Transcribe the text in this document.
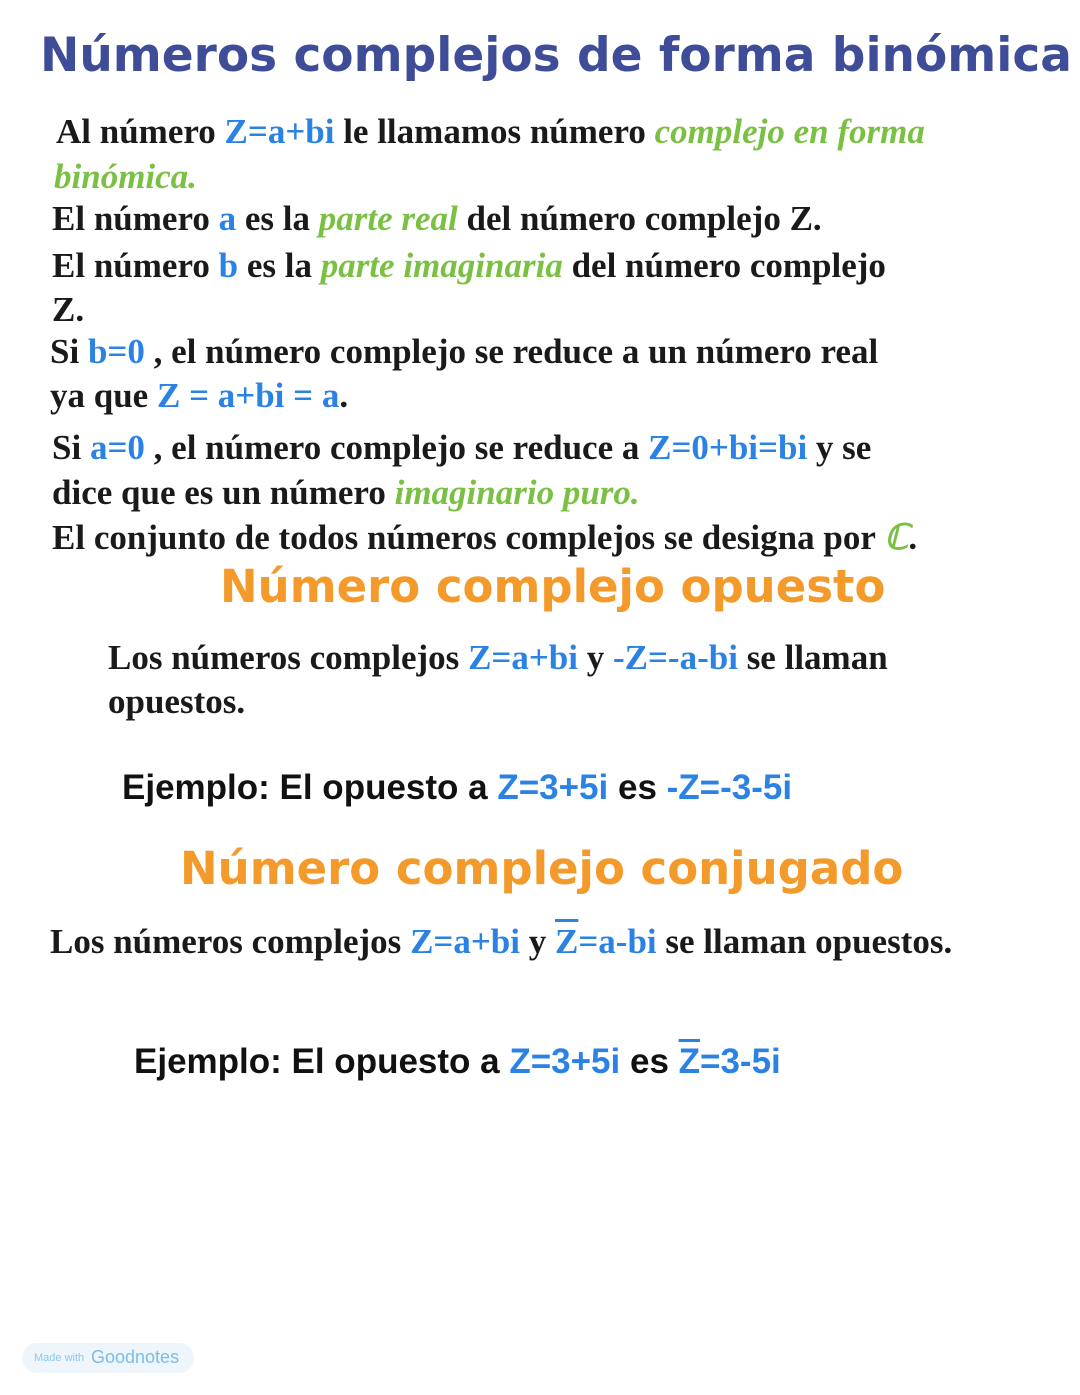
Números complejos de forma binómica
Al número Z=a+bi le llamamos número complejo en forma
binómica.
El número a es la parte real del número complejo Z.
El número b es la parte imaginaria del número complejo
Z.
Si b=0 , el número complejo se reduce a un número real
ya que Z = a+bi = a.
Si a=0 , el número complejo se reduce a Z=0+bi=bi y se
dice que es un número imaginario puro.
El conjunto de todos números complejos se designa por ℂ.
Número complejo opuesto
Los números complejos Z=a+bi y -Z=-a-bi se llaman
opuestos.
Ejemplo: El opuesto a Z=3+5i es -Z=-3-5i
Número complejo conjugado
Los números complejos Z=a+bi y $\overline{Z}=a-bi$ se llaman opuestos.
Ejemplo: El opuesto a Z=3+5i es $\overline{Z}=3-5i$
Made with Goodnotes
